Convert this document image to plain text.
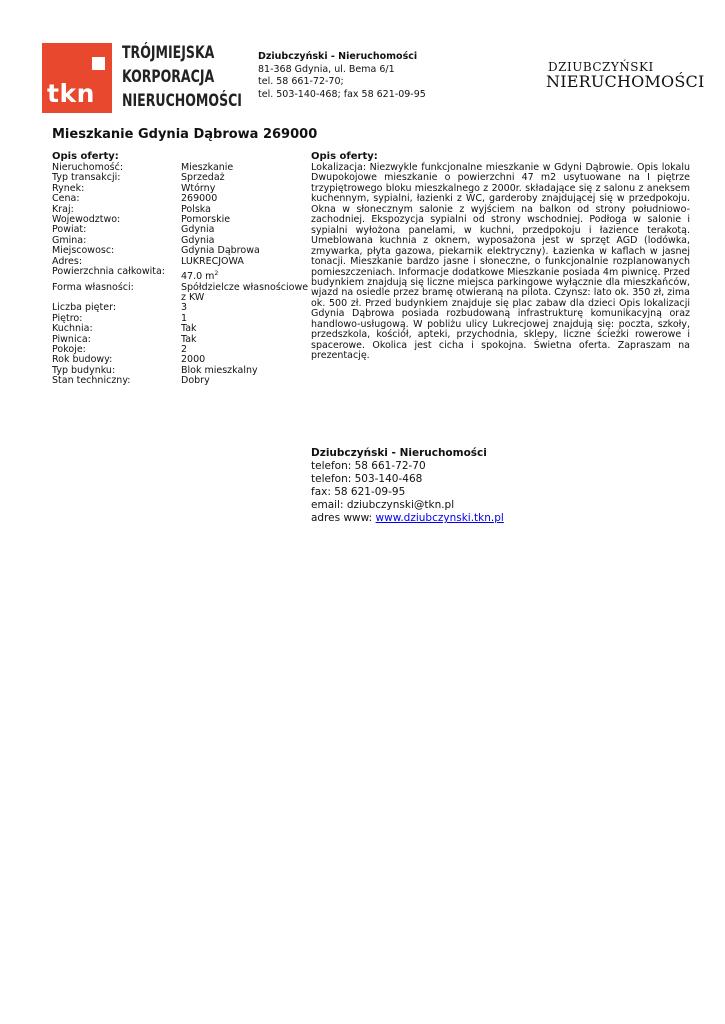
tkn
TRÓJMIEJSKA
KORPORACJA
NIERUCHOMOŚCI
Dziubczyński - Nieruchomości
81-368 Gdynia, ul. Bema 6/1
tel. 58 661-72-70;
tel. 503-140-468; fax 58 621-09-95
DZIUBCZYŃSKI
NIERUCHOMOŚCI
Mieszkanie Gdynia Dąbrowa 269000
Opis oferty:
Nieruchomość:	Mieszkanie
Typ transakcji:	Sprzedaż
Rynek:	Wtórny
Cena:	269000
Kraj:	Polska
Wojewodztwo:	Pomorskie
Powiat:	Gdynia
Gmina:	Gdynia
Miejscowosc:	Gdynia Dąbrowa
Adres:	LUKRECJOWA
Powierzchnia całkowita:	47.0 $m^2$
Forma własności:	Spółdzielcze własnościowe z KW
Liczba pięter:	3
Piętro:	1
Kuchnia:	Tak
Piwnica:	Tak
Pokoje:	2
Rok budowy:	2000
Typ budynku:	Blok mieszkalny
Stan techniczny:	Dobry
Opis oferty:

Lokalizacja: Niezwykle funkcjonalne mieszkanie w Gdyni Dąbrowie. Opis lokalu Dwupokojowe mieszkanie o powierzchni 47 m2 usytuowane na I piętrze trzypiętrowego bloku mieszkalnego z 2000r. składające się z salonu z aneksem kuchennym, sypialni, łazienki z WC, garderoby znajdującej się w przedpokoju. Okna w słonecznym salonie z wyjściem na balkon od strony południowo-zachodniej. Ekspozycja sypialni od strony wschodniej. Podłoga w salonie i sypialni wyłożona panelami, w kuchni, przedpokoju i łazience terakotą. Umeblowana kuchnia z oknem, wyposażona jest w sprzęt AGD (lodówka, zmywarka, płyta gazowa, piekarnik elektryczny). Łazienka w kaflach w jasnej tonacji. Mieszkanie bardzo jasne i słoneczne, o funkcjonalnie rozplanowanych pomieszczeniach. Informacje dodatkowe Mieszkanie posiada 4m piwnicę. Przed budynkiem znajdują się liczne miejsca parkingowe wyłącznie dla mieszkańców, wjazd na osiedle przez bramę otwieraną na pilota. Czynsz: lato ok. 350 zł, zima ok. 500 zł. Przed budynkiem znajduje się plac zabaw dla dzieci Opis lokalizacji Gdynia Dąbrowa posiada rozbudowaną infrastrukturę komunikacyjną oraz handlowo-usługową. W pobliżu ulicy Lukrecjowej znajdują się: poczta, szkoły, przedszkola, kościół, apteki, przychodnia, sklepy, liczne ścieżki rowerowe i spacerowe. Okolica jest cicha i spokojna. Świetna oferta. Zapraszam na prezentację.

Dziubczyński - Nieruchomości
telefon: 58 661-72-70
telefon: 503-140-468
fax: 58 621-09-95
email: dziubczynski@tkn.pl
adres www: www.dziubczynski.tkn.pl
